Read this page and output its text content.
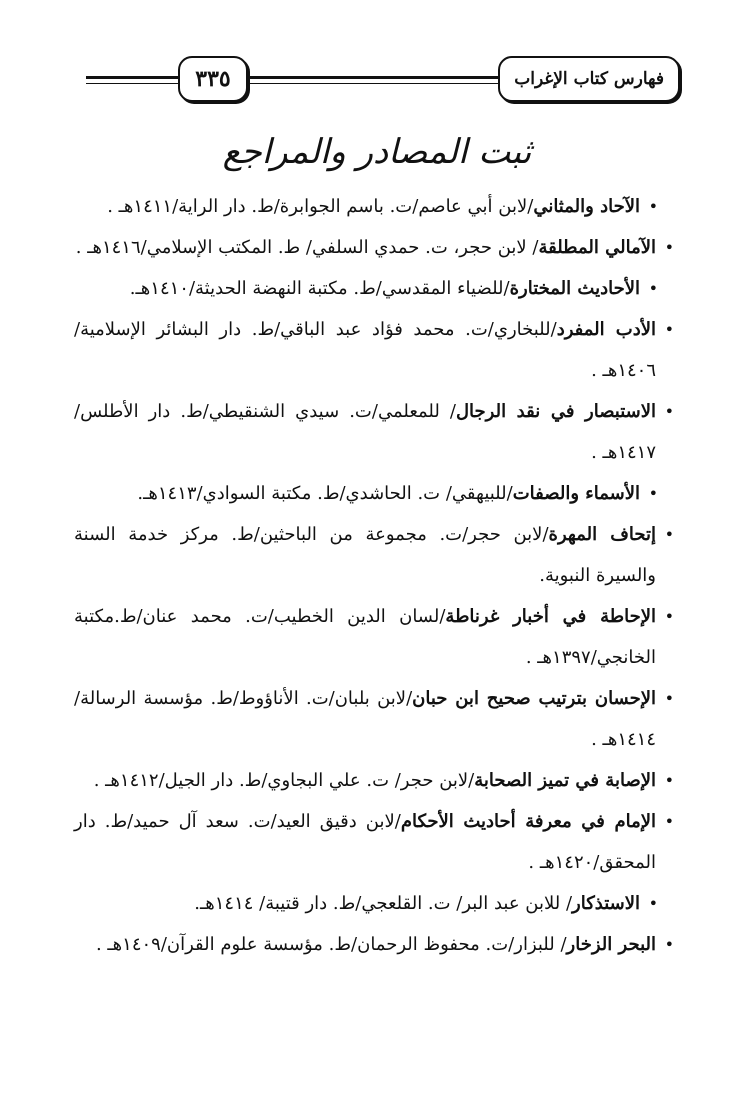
فهارس كتاب الإغراب
٣٣٥
ثبت المصادر والمراجع
•
الآحاد والمثاني/لابن أبي عاصم/ت. باسم الجوابرة/ط. دار الراية/١٤١١هـ .
•
الآمالي المطلقة/ لابن حجر، ت. حمدي السلفي/ ط. المكتب الإسلامي/١٤١٦هـ .
•
الأحاديث المختارة/للضياء المقدسي/ط. مكتبة النهضة الحديثة/١٤١٠هـ.
•
الأدب المفرد/للبخاري/ت. محمد فؤاد عبد الباقي/ط. دار البشائر الإسلامية/١٤٠٦هـ .
•
الاستبصار في نقد الرجال/ للمعلمي/ت. سيدي الشنقيطي/ط. دار الأطلس/١٤١٧هـ .
•
الأسماء والصفات/للبيهقي/ ت. الحاشدي/ط. مكتبة السوادي/١٤١٣هـ.
•
إتحاف المهرة/لابن حجر/ت. مجموعة من الباحثين/ط. مركز خدمة السنة والسيرة النبوية.
•
الإحاطة في أخبار غرناطة/لسان الدين الخطيب/ت. محمد عنان/ط.مكتبة الخانجي/١٣٩٧هـ .
•
الإحسان بترتيب صحيح ابن حبان/لابن بلبان/ت. الأناؤوط/ط. مؤسسة الرسالة/١٤١٤هـ .
•
الإصابة في تميز الصحابة/لابن حجر/ ت. علي البجاوي/ط. دار الجيل/١٤١٢هـ .
•
الإمام في معرفة أحاديث الأحكام/لابن دقيق العيد/ت. سعد آل حميد/ط. دار المحقق/١٤٢٠هـ .
•
الاستذكار/ للابن عبد البر/ ت. القلعجي/ط. دار قتيبة/ ١٤١٤هـ.
•
البحر الزخار/ للبزار/ت. محفوظ الرحمان/ط. مؤسسة علوم القرآن/١٤٠٩هـ .
